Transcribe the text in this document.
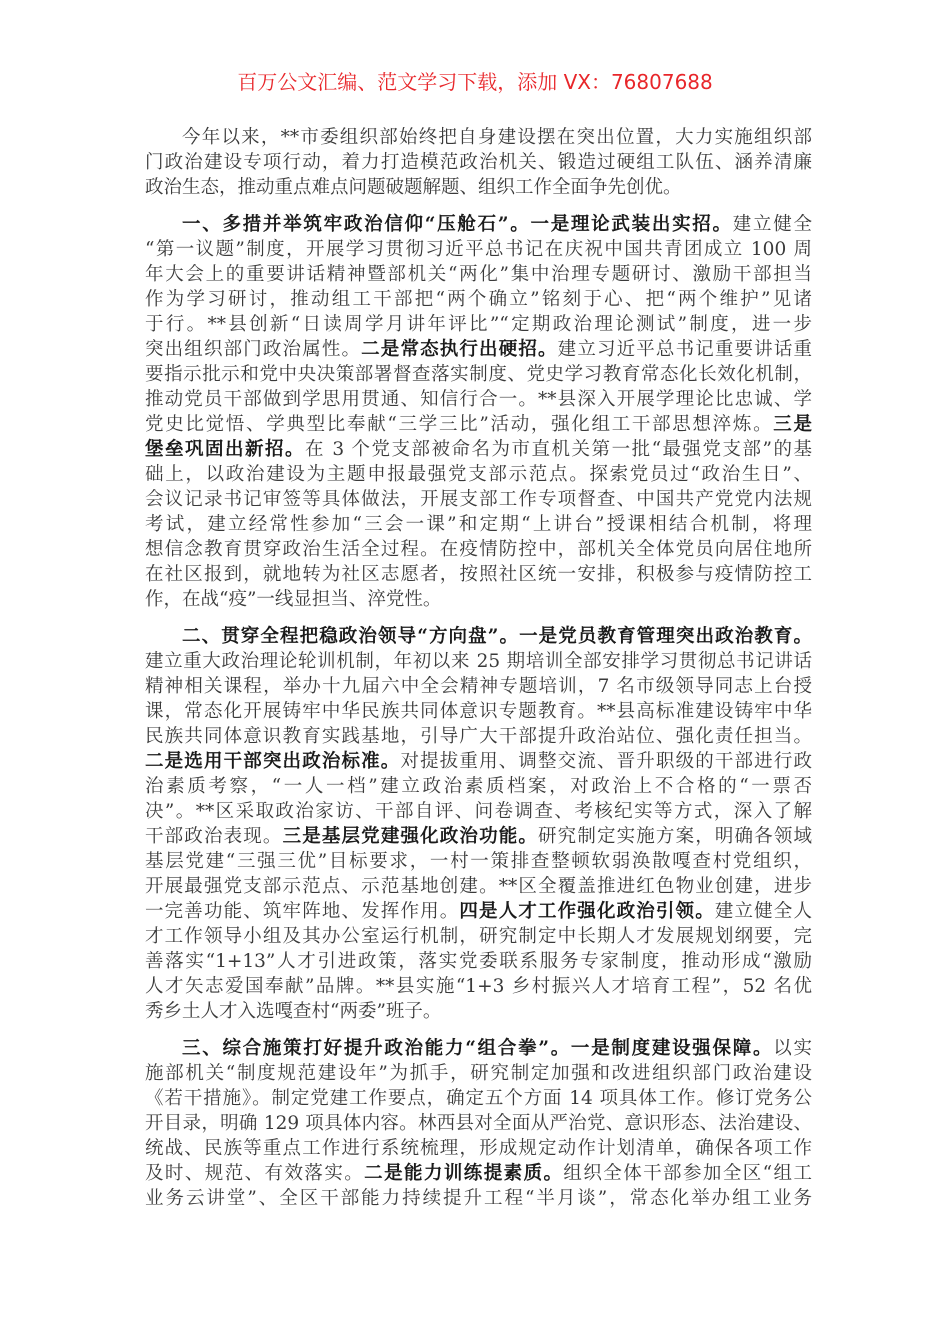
百万公文汇编、范文学习下载，添加 VX：76807688
今年以来，**市委组织部始终把自身建设摆在突出位置，大力实施组织部
门政治建设专项行动，着力打造模范政治机关、锻造过硬组工队伍、涵养清廉
政治生态，推动重点难点问题破题解题、组织工作全面争先创优。
一、多措并举筑牢政治信仰“压舱石”。一是理论武装出实招。建立健全
“第一议题”制度，开展学习贯彻习近平总书记在庆祝中国共青团成立 100 周
年大会上的重要讲话精神暨部机关“两化”集中治理专题研讨、激励干部担当
作为学习研讨，推动组工干部把“两个确立”铭刻于心、把“两个维护”见诸
于行。**县创新“日读周学月讲年评比”“定期政治理论测试”制度，进一步
突出组织部门政治属性。二是常态执行出硬招。建立习近平总书记重要讲话重
要指示批示和党中央决策部署督查落实制度、党史学习教育常态化长效化机制，
推动党员干部做到学思用贯通、知信行合一。**县深入开展学理论比忠诚、学
党史比觉悟、学典型比奉献“三学三比”活动，强化组工干部思想淬炼。三是
堡垒巩固出新招。在 3 个党支部被命名为市直机关第一批“最强党支部”的基
础上，以政治建设为主题申报最强党支部示范点。探索党员过“政治生日”、
会议记录书记审签等具体做法，开展支部工作专项督查、中国共产党党内法规
考试，建立经常性参加“三会一课”和定期“上讲台”授课相结合机制，将理
想信念教育贯穿政治生活全过程。在疫情防控中，部机关全体党员向居住地所
在社区报到，就地转为社区志愿者，按照社区统一安排，积极参与疫情防控工
作，在战“疫”一线显担当、淬党性。
二、贯穿全程把稳政治领导“方向盘”。一是党员教育管理突出政治教育。
建立重大政治理论轮训机制，年初以来 25 期培训全部安排学习贯彻总书记讲话
精神相关课程，举办十九届六中全会精神专题培训，7 名市级领导同志上台授
课，常态化开展铸牢中华民族共同体意识专题教育。**县高标准建设铸牢中华
民族共同体意识教育实践基地，引导广大干部提升政治站位、强化责任担当。
二是选用干部突出政治标准。对提拔重用、调整交流、晋升职级的干部进行政
治素质考察，“一人一档”建立政治素质档案，对政治上不合格的“一票否
决”。**区采取政治家访、干部自评、问卷调查、考核纪实等方式，深入了解
干部政治表现。三是基层党建强化政治功能。研究制定实施方案，明确各领域
基层党建“三强三优”目标要求，一村一策排查整顿软弱涣散嘎查村党组织，
开展最强党支部示范点、示范基地创建。**区全覆盖推进红色物业创建，进步
一完善功能、筑牢阵地、发挥作用。四是人才工作强化政治引领。建立健全人
才工作领导小组及其办公室运行机制，研究制定中长期人才发展规划纲要，完
善落实“1+13”人才引进政策，落实党委联系服务专家制度，推动形成“激励
人才矢志爱国奉献”品牌。**县实施“1+3 乡村振兴人才培育工程”，52 名优
秀乡土人才入选嘎查村“两委”班子。
三、综合施策打好提升政治能力“组合拳”。一是制度建设强保障。以实
施部机关“制度规范建设年”为抓手，研究制定加强和改进组织部门政治建设
《若干措施》。制定党建工作要点，确定五个方面 14 项具体工作。修订党务公
开目录，明确 129 项具体内容。林西县对全面从严治党、意识形态、法治建设、
统战、民族等重点工作进行系统梳理，形成规定动作计划清单，确保各项工作
及时、规范、有效落实。二是能力训练提素质。组织全体干部参加全区“组工
业务云讲堂”、全区干部能力持续提升工程“半月谈”，常态化举办组工业务
